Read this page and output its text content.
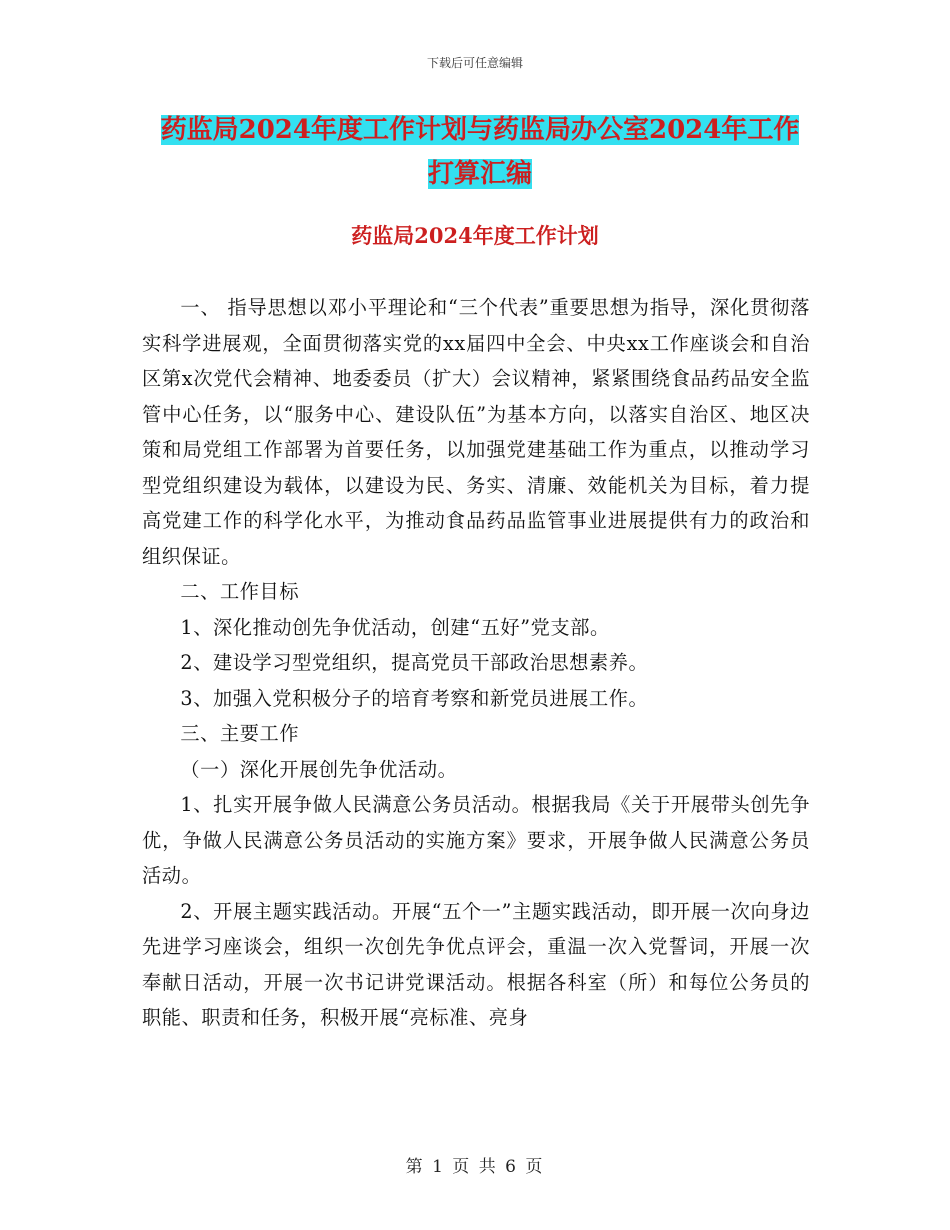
下载后可任意编辑
药监局2024年度工作计划与药监局办公室2024年工作打算汇编
药监局2024年度工作计划

一、 指导思想以邓小平理论和“三个代表”重要思想为指导，深化贯彻落实科学进展观，全面贯彻落实党的xx届四中全会、中央xx工作座谈会和自治区第x次党代会精神、地委委员（扩大）会议精神，紧紧围绕食品药品安全监管中心任务，以“服务中心、建设队伍”为基本方向，以落实自治区、地区决策和局党组工作部署为首要任务，以加强党建基础工作为重点，以推动学习型党组织建设为载体，以建设为民、务实、清廉、效能机关为目标，着力提高党建工作的科学化水平，为推动食品药品监管事业进展提供有力的政治和组织保证。

二、工作目标

1、深化推动创先争优活动，创建“五好”党支部。

2、建设学习型党组织，提高党员干部政治思想素养。

3、加强入党积极分子的培育考察和新党员进展工作。

三、主要工作

（一）深化开展创先争优活动。

1、扎实开展争做人民满意公务员活动。根据我局《关于开展带头创先争优，争做人民满意公务员活动的实施方案》要求，开展争做人民满意公务员活动。

2、开展主题实践活动。开展“五个一”主题实践活动，即开展一次向身边先进学习座谈会，组织一次创先争优点评会，重温一次入党誓词，开展一次奉献日活动，开展一次书记讲党课活动。根据各科室（所）和每位公务员的职能、职责和任务，积极开展“亮标准、亮身

第 1 页 共 6 页
